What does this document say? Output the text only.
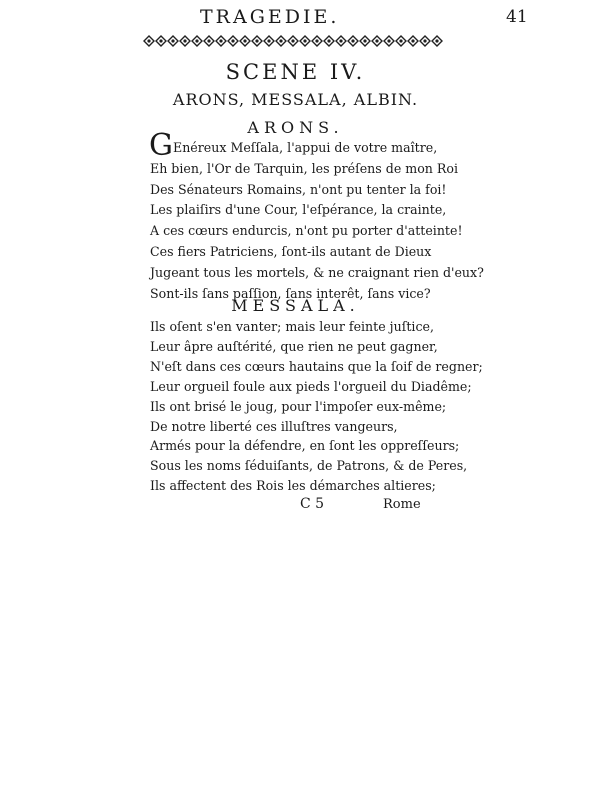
TRAGEDIE.	41
SCENE IV.
ARONS, MESSALA, ALBIN.
ARONS.
G Enéreux Meſſala, l'appui de votre maître,
Eh bien, l'Or de Tarquin, les préſens de mon Roi
Des Sénateurs Romains, n'ont pu tenter la foi!
Les plaiſirs d'une Cour, l'eſpérance, la crainte,
A ces cœurs endurcis, n'ont pu porter d'atteinte!
Ces fiers Patriciens, ſont-ils autant de Dieux
Jugeant tous les mortels, & ne craignant rien d'eux?
Sont-ils ſans paſſion, ſans interêt, ſans vice?
MESSALA.
Ils oſent s'en vanter; mais leur feinte juſtice,
Leur âpre auſtérité, que rien ne peut gagner,
N'eſt dans ces cœurs hautains que la ſoif de regner;
Leur orgueil foule aux pieds l'orgueil du Diadême;
Ils ont brisé le joug, pour l'impoſer eux-même;
De notre liberté ces illuſtres vangeurs,
Armés pour la défendre, en ſont les oppreſſeurs;
Sous les noms ſéduiſants, de Patrons, & de Peres,
Ils affectent des Rois les démarches altieres;
C 5	Rome
